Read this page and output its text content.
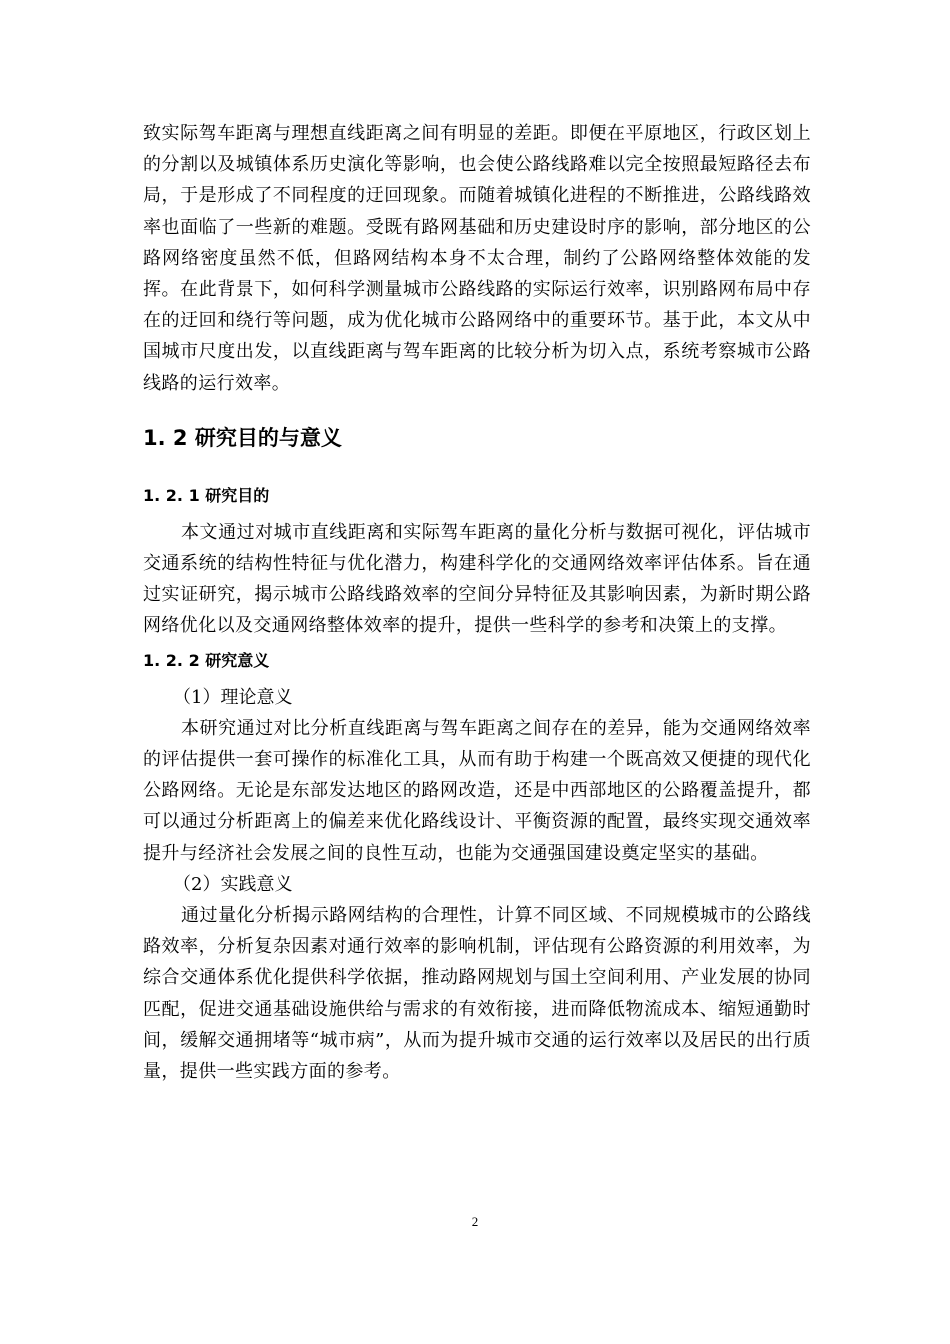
致实际驾车距离与理想直线距离之间有明显的差距。即便在平原地区，行政区划上的分割以及城镇体系历史演化等影响，也会使公路线路难以完全按照最短路径去布局，于是形成了不同程度的迂回现象。而随着城镇化进程的不断推进，公路线路效率也面临了一些新的难题。受既有路网基础和历史建设时序的影响，部分地区的公路网络密度虽然不低，但路网结构本身不太合理，制约了公路网络整体效能的发挥。在此背景下，如何科学测量城市公路线路的实际运行效率，识别路网布局中存在的迂回和绕行等问题，成为优化城市公路网络中的重要环节。基于此，本文从中国城市尺度出发，以直线距离与驾车距离的比较分析为切入点，系统考察城市公路线路的运行效率。

1. 2 研究目的与意义
1. 2. 1 研究目的

本文通过对城市直线距离和实际驾车距离的量化分析与数据可视化，评估城市交通系统的结构性特征与优化潜力，构建科学化的交通网络效率评估体系。旨在通过实证研究，揭示城市公路线路效率的空间分异特征及其影响因素，为新时期公路网络优化以及交通网络整体效率的提升，提供一些科学的参考和决策上的支撑。

1. 2. 2 研究意义

（1）理论意义

本研究通过对比分析直线距离与驾车距离之间存在的差异，能为交通网络效率的评估提供一套可操作的标准化工具，从而有助于构建一个既高效又便捷的现代化公路网络。无论是东部发达地区的路网改造，还是中西部地区的公路覆盖提升，都可以通过分析距离上的偏差来优化路线设计、平衡资源的配置，最终实现交通效率提升与经济社会发展之间的良性互动，也能为交通强国建设奠定坚实的基础。

（2）实践意义

通过量化分析揭示路网结构的合理性，计算不同区域、不同规模城市的公路线路效率，分析复杂因素对通行效率的影响机制，评估现有公路资源的利用效率，为综合交通体系优化提供科学依据，推动路网规划与国土空间利用、产业发展的协同匹配，促进交通基础设施供给与需求的有效衔接，进而降低物流成本、缩短通勤时间，缓解交通拥堵等“城市病”，从而为提升城市交通的运行效率以及居民的出行质量，提供一些实践方面的参考。

2
